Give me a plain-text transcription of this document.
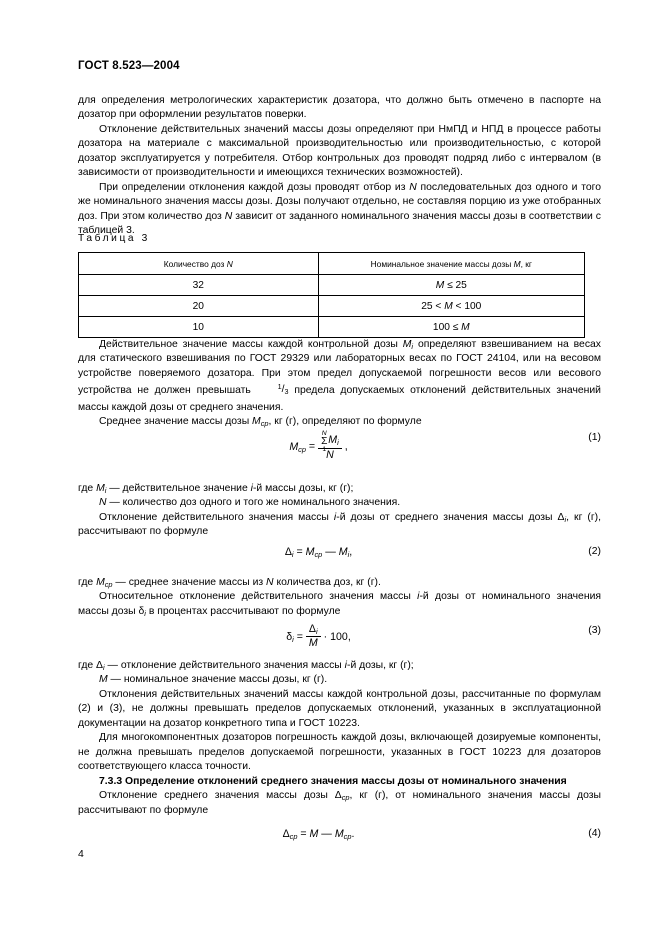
ГОСТ 8.523—2004

для определения метрологических характеристик дозатора, что должно быть отмечено в паспорте на дозатор при оформлении результатов поверки.

Отклонение действительных значений массы дозы определяют при НмПД и НПД в процессе работы дозатора на материале с максимальной производительностью или производительностью, с которой дозатор эксплуатируется у потребителя. Отбор контрольных доз проводят подряд либо с интервалом (в зависимости от производительности и имеющихся технических возможностей).

При определении отклонения каждой дозы проводят отбор из N последовательных доз одного и того же номинального значения массы дозы. Дозы получают отдельно, не составляя порцию из уже отобранных доз. При этом количество доз N зависит от заданного номинального значения массы дозы в соответствии с таблицей 3.

Таблица 3
Количество доз N	Номинальное значение массы дозы M, кг
32	M ≤ 25
20	25 < M < 100
10	100 ≤ M

Действительное значение массы каждой контрольной дозы $M_i$ определяют взвешиванием на весах для статического взвешивания по ГОСТ 29329 или лабораторных весах по ГОСТ 24104, или на весовом устройстве поверяемого дозатора. При этом предел допускаемой погрешности весов или весового устройства не должен превышать	$^1$/3 предела допускаемых отклонений действительных значений массы каждой дозы от среднего значения.

Среднее значение массы дозы $M_{ср}$, кг (г), определяют по формуле

$M_{ср} = N$
Σ
1
 $M_i$
N ,
(1)

где $M_i$ — действительное значение i-й массы дозы, кг (г);

N — количество доз одного и того же номинального значения.

Отклонение действительного значения массы i-й дозы от среднего значения массы дозы $\Delta_i$, кг (г), рассчитывают по формуле

$\Delta_i = M_{ср}$ — $M_i$,	(2)

где $M_{ср}$ — среднее значение массы из N количества доз, кг (г).

Относительное отклонение действительного значения массы i-й дозы от номинального значения массы дозы $\delta_i$ в процентах рассчитывают по формуле

$\delta_i = \frac{\Delta_i}{M} \cdot 100$,
(3)

где $\Delta_i$ — отклонение действительного значения массы i-й дозы, кг (г);

M — номинальное значение массы дозы, кг (г).

Отклонения действительных значений массы каждой контрольной дозы, рассчитанные по формулам (2) и (3), не должны превышать пределов допускаемых отклонений, указанных в эксплуатационной документации на дозатор конкретного типа и ГОСТ 10223.

Для многокомпонентных дозаторов погрешность каждой дозы, включающей дозируемые компоненты, не должна превышать пределов допускаемой погрешности, указанных в ГОСТ 10223 для дозаторов соответствующего класса точности.

7.3.3 Определение отклонений среднего значения массы дозы от номинального значения

Отклонение среднего значения массы дозы $\Delta_{ср}$, кг (г), от номинального значения массы дозы рассчитывают по формуле

$\Delta_{ср} = M$ — $M_{ср}$.	(4)
4
